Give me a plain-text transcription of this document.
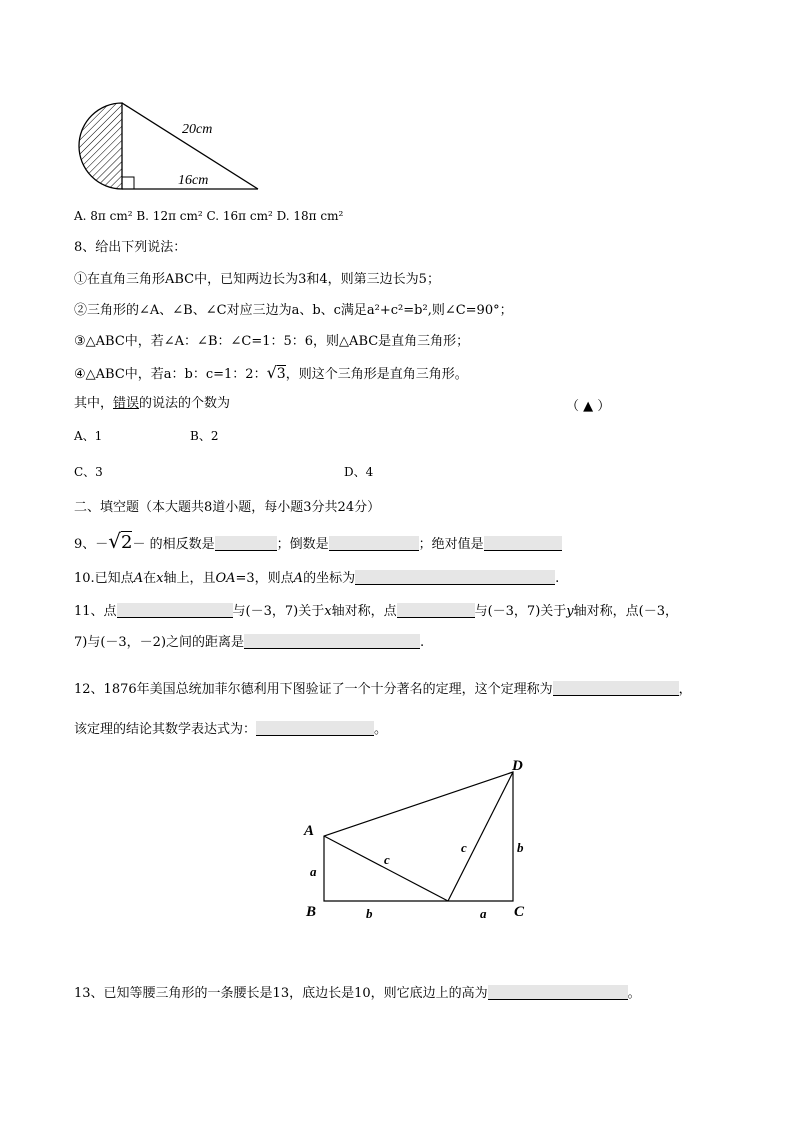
20cm
16cm
A. 8π cm² B. 12π cm² C. 16π cm² D. 18π cm²
8、给出下列说法：
①在直角三角形ABC中，已知两边长为3和4，则第三边长为5；
②三角形的∠A、∠B、∠C对应三边为a、b、c满足a²+c²=b²,则∠C=90°；
③△ABC中，若∠A：∠B：∠C=1：5：6，则△ABC是直角三角形；
④△ABC中，若a：b：c=1：2：√3，则这个三角形是直角三角形。
其中，错误的说法的个数为	（ ▲ ）
A、1	B、2
C、3	D、4
二、填空题（本大题共8道小题，每小题3分共24分）
9、－√2－ 的相反数是	；倒数是	；绝对值是
10.已知点A在x轴上，且OA=3，则点A的坐标为	.
11、点	与(－3，7)关于x轴对称，点	与(－3，7)关于y轴对称，点(－3，
7)与(－3，－2)之间的距离是	.
12、1876年美国总统加菲尔德利用下图验证了一个十分著名的定理，这个定理称为	，
该定理的结论其数学表达式为：	。
A
B	C
D
a
b	a
b
c
c
13、已知等腰三角形的一条腰长是13，底边长是10，则它底边上的高为	。
